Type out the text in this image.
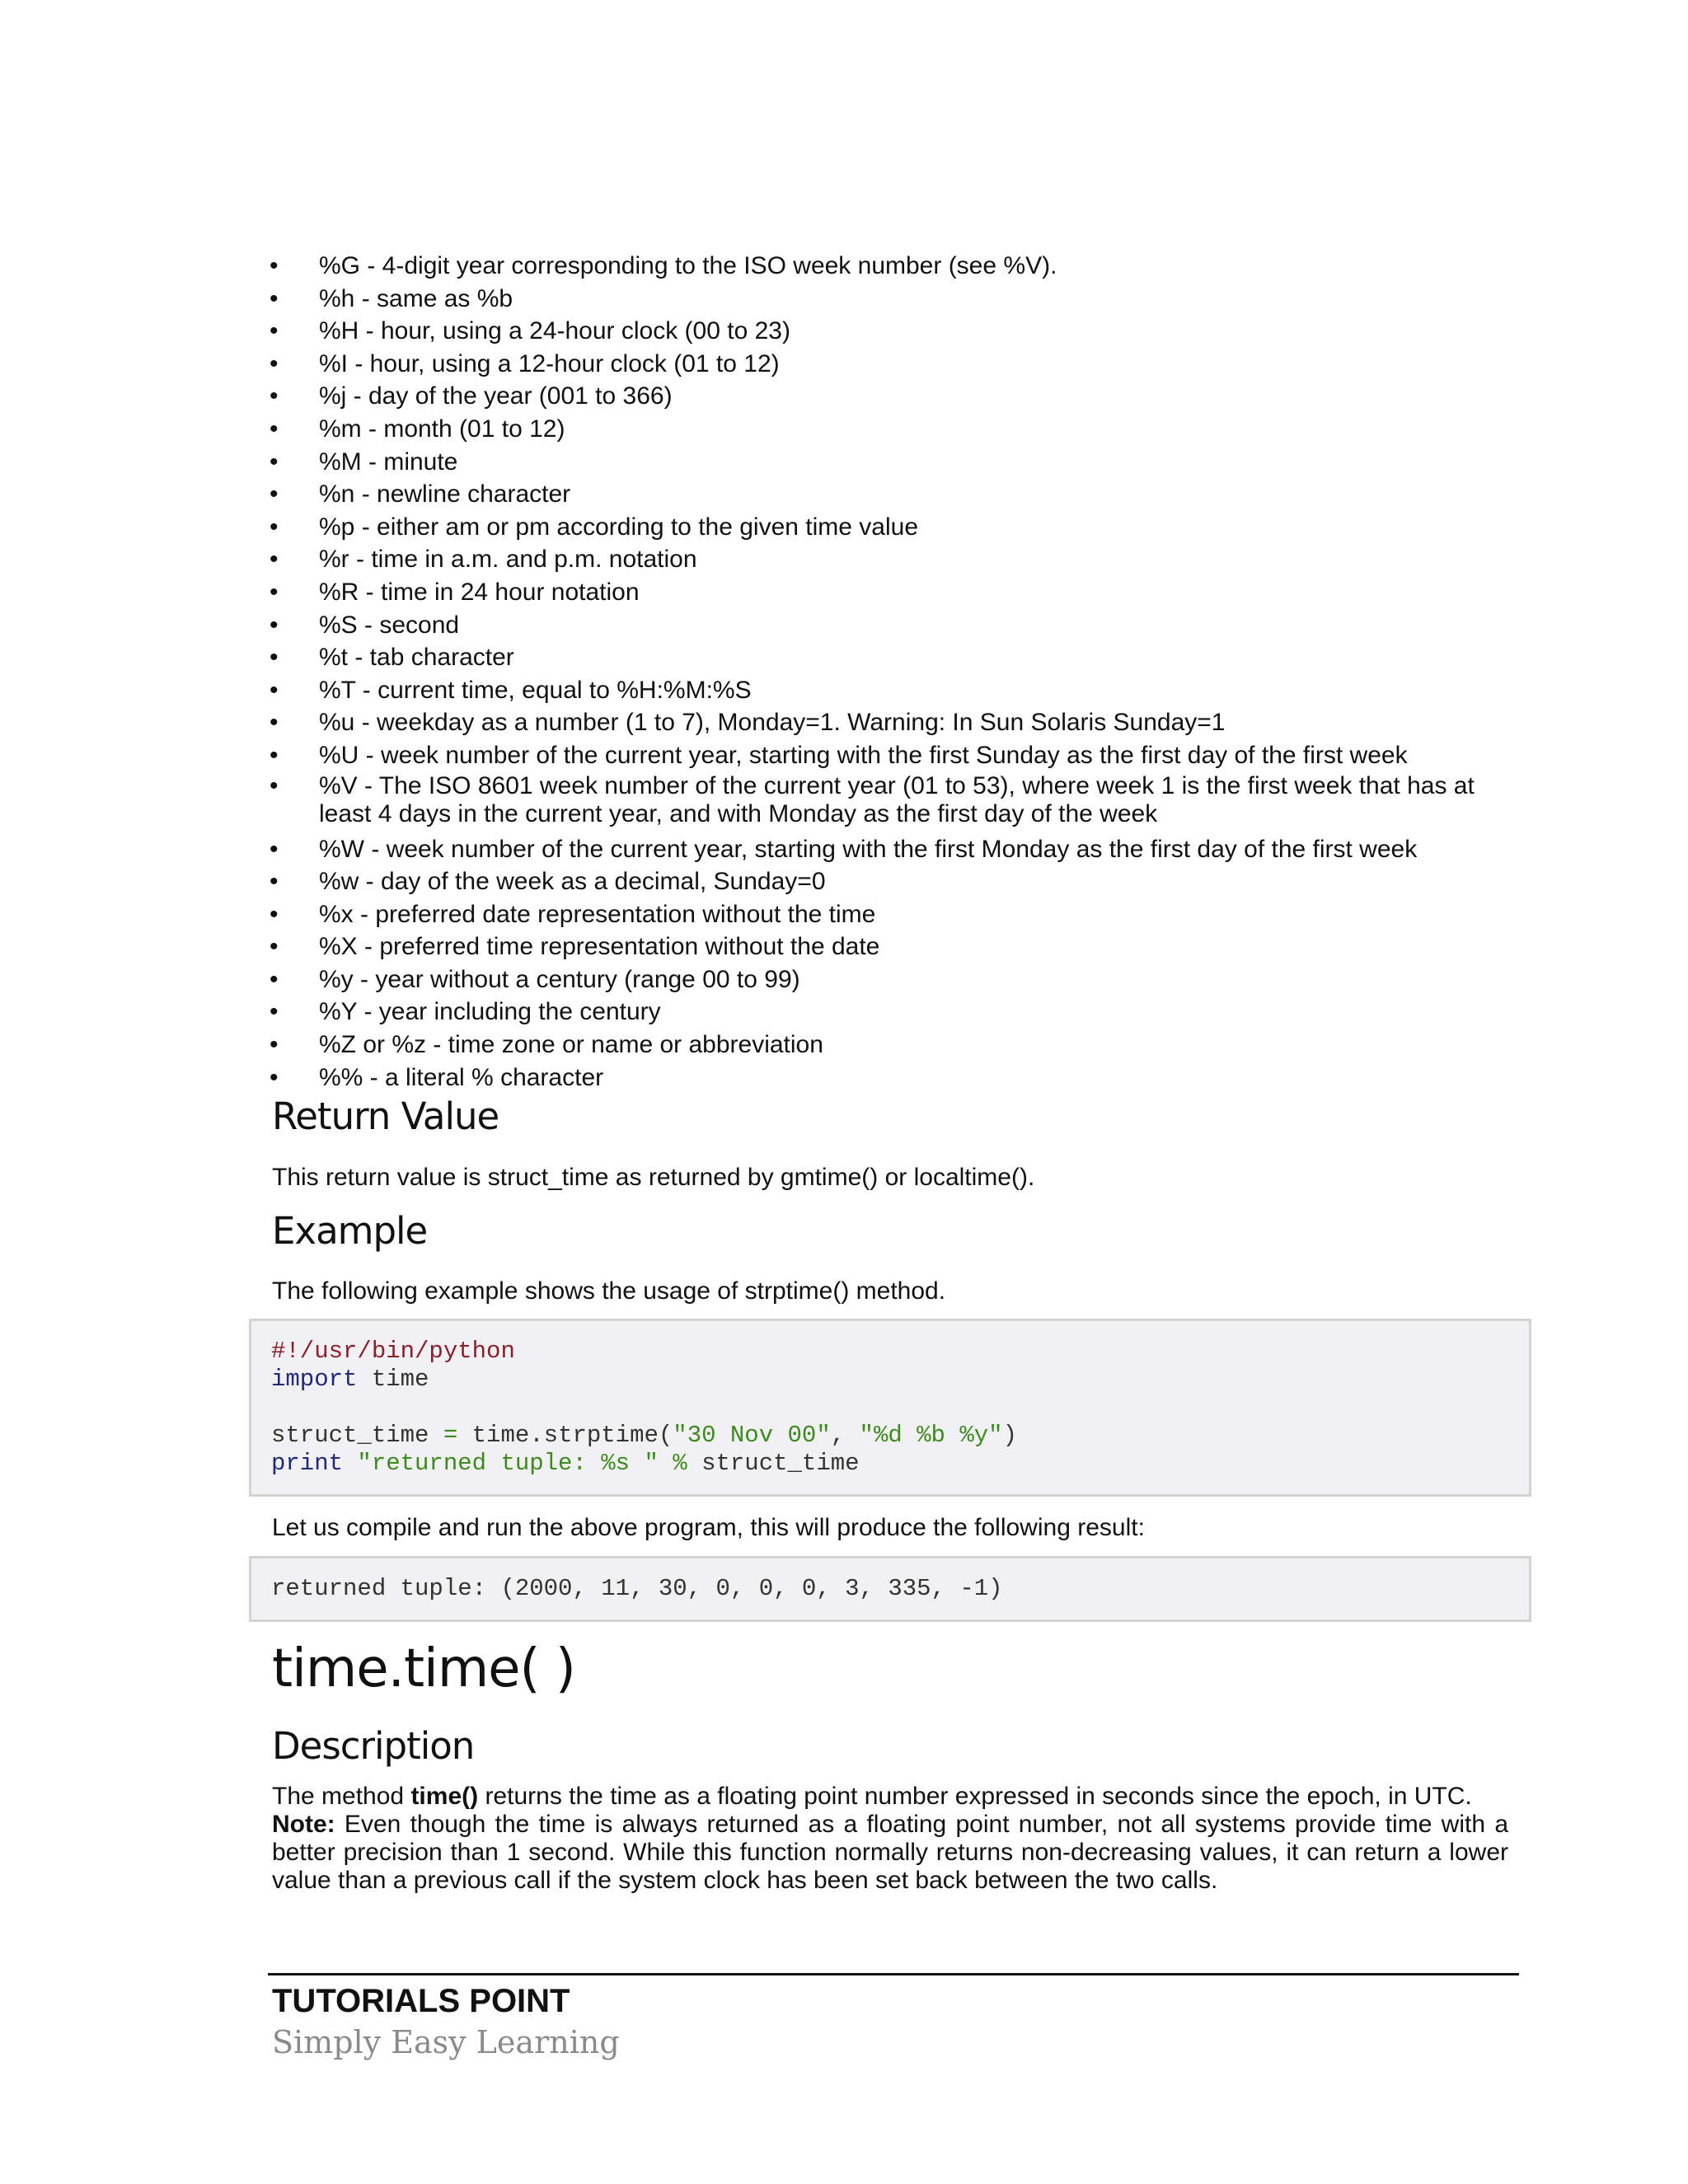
• %G - 4-digit year corresponding to the ISO week number (see %V).
• %h - same as %b
• %H - hour, using a 24-hour clock (00 to 23)
• %I - hour, using a 12-hour clock (01 to 12)
• %j - day of the year (001 to 366)
• %m - month (01 to 12)
• %M - minute
• %n - newline character
• %p - either am or pm according to the given time value
• %r - time in a.m. and p.m. notation
• %R - time in 24 hour notation
• %S - second
• %t - tab character
• %T - current time, equal to %H:%M:%S
• %u - weekday as a number (1 to 7), Monday=1. Warning: In Sun Solaris Sunday=1
• %U - week number of the current year, starting with the first Sunday as the first day of the first week
• %V - The ISO 8601 week number of the current year (01 to 53), where week 1 is the first week that has at least 4 days in the current year, and with Monday as the first day of the week
• %W - week number of the current year, starting with the first Monday as the first day of the first week
• %w - day of the week as a decimal, Sunday=0
• %x - preferred date representation without the time
• %X - preferred time representation without the date
• %y - year without a century (range 00 to 99)
• %Y - year including the century
• %Z or %z - time zone or name or abbreviation
• %% - a literal % character
Return Value

This return value is struct_time as returned by gmtime() or localtime().

Example

The following example shows the usage of strptime() method.

#!/usr/bin/python
import time
struct_time = time.strptime("30 Nov 00", "%d %b %y")
print "returned tuple: %s " % struct_time

Let us compile and run the above program, this will produce the following result:

returned tuple: (2000, 11, 30, 0, 0, 0, 3, 335, -1)
time.time( )
Description

The method time() returns the time as a floating point number expressed in seconds since the epoch, in UTC.

Note: Even though the time is always returned as a floating point number, not all systems provide time with a better precision than 1 second. While this function normally returns non-decreasing values, it can return a lower value than a previous call if the system clock has been set back between the two calls.

TUTORIALS POINT

Simply Easy Learning
